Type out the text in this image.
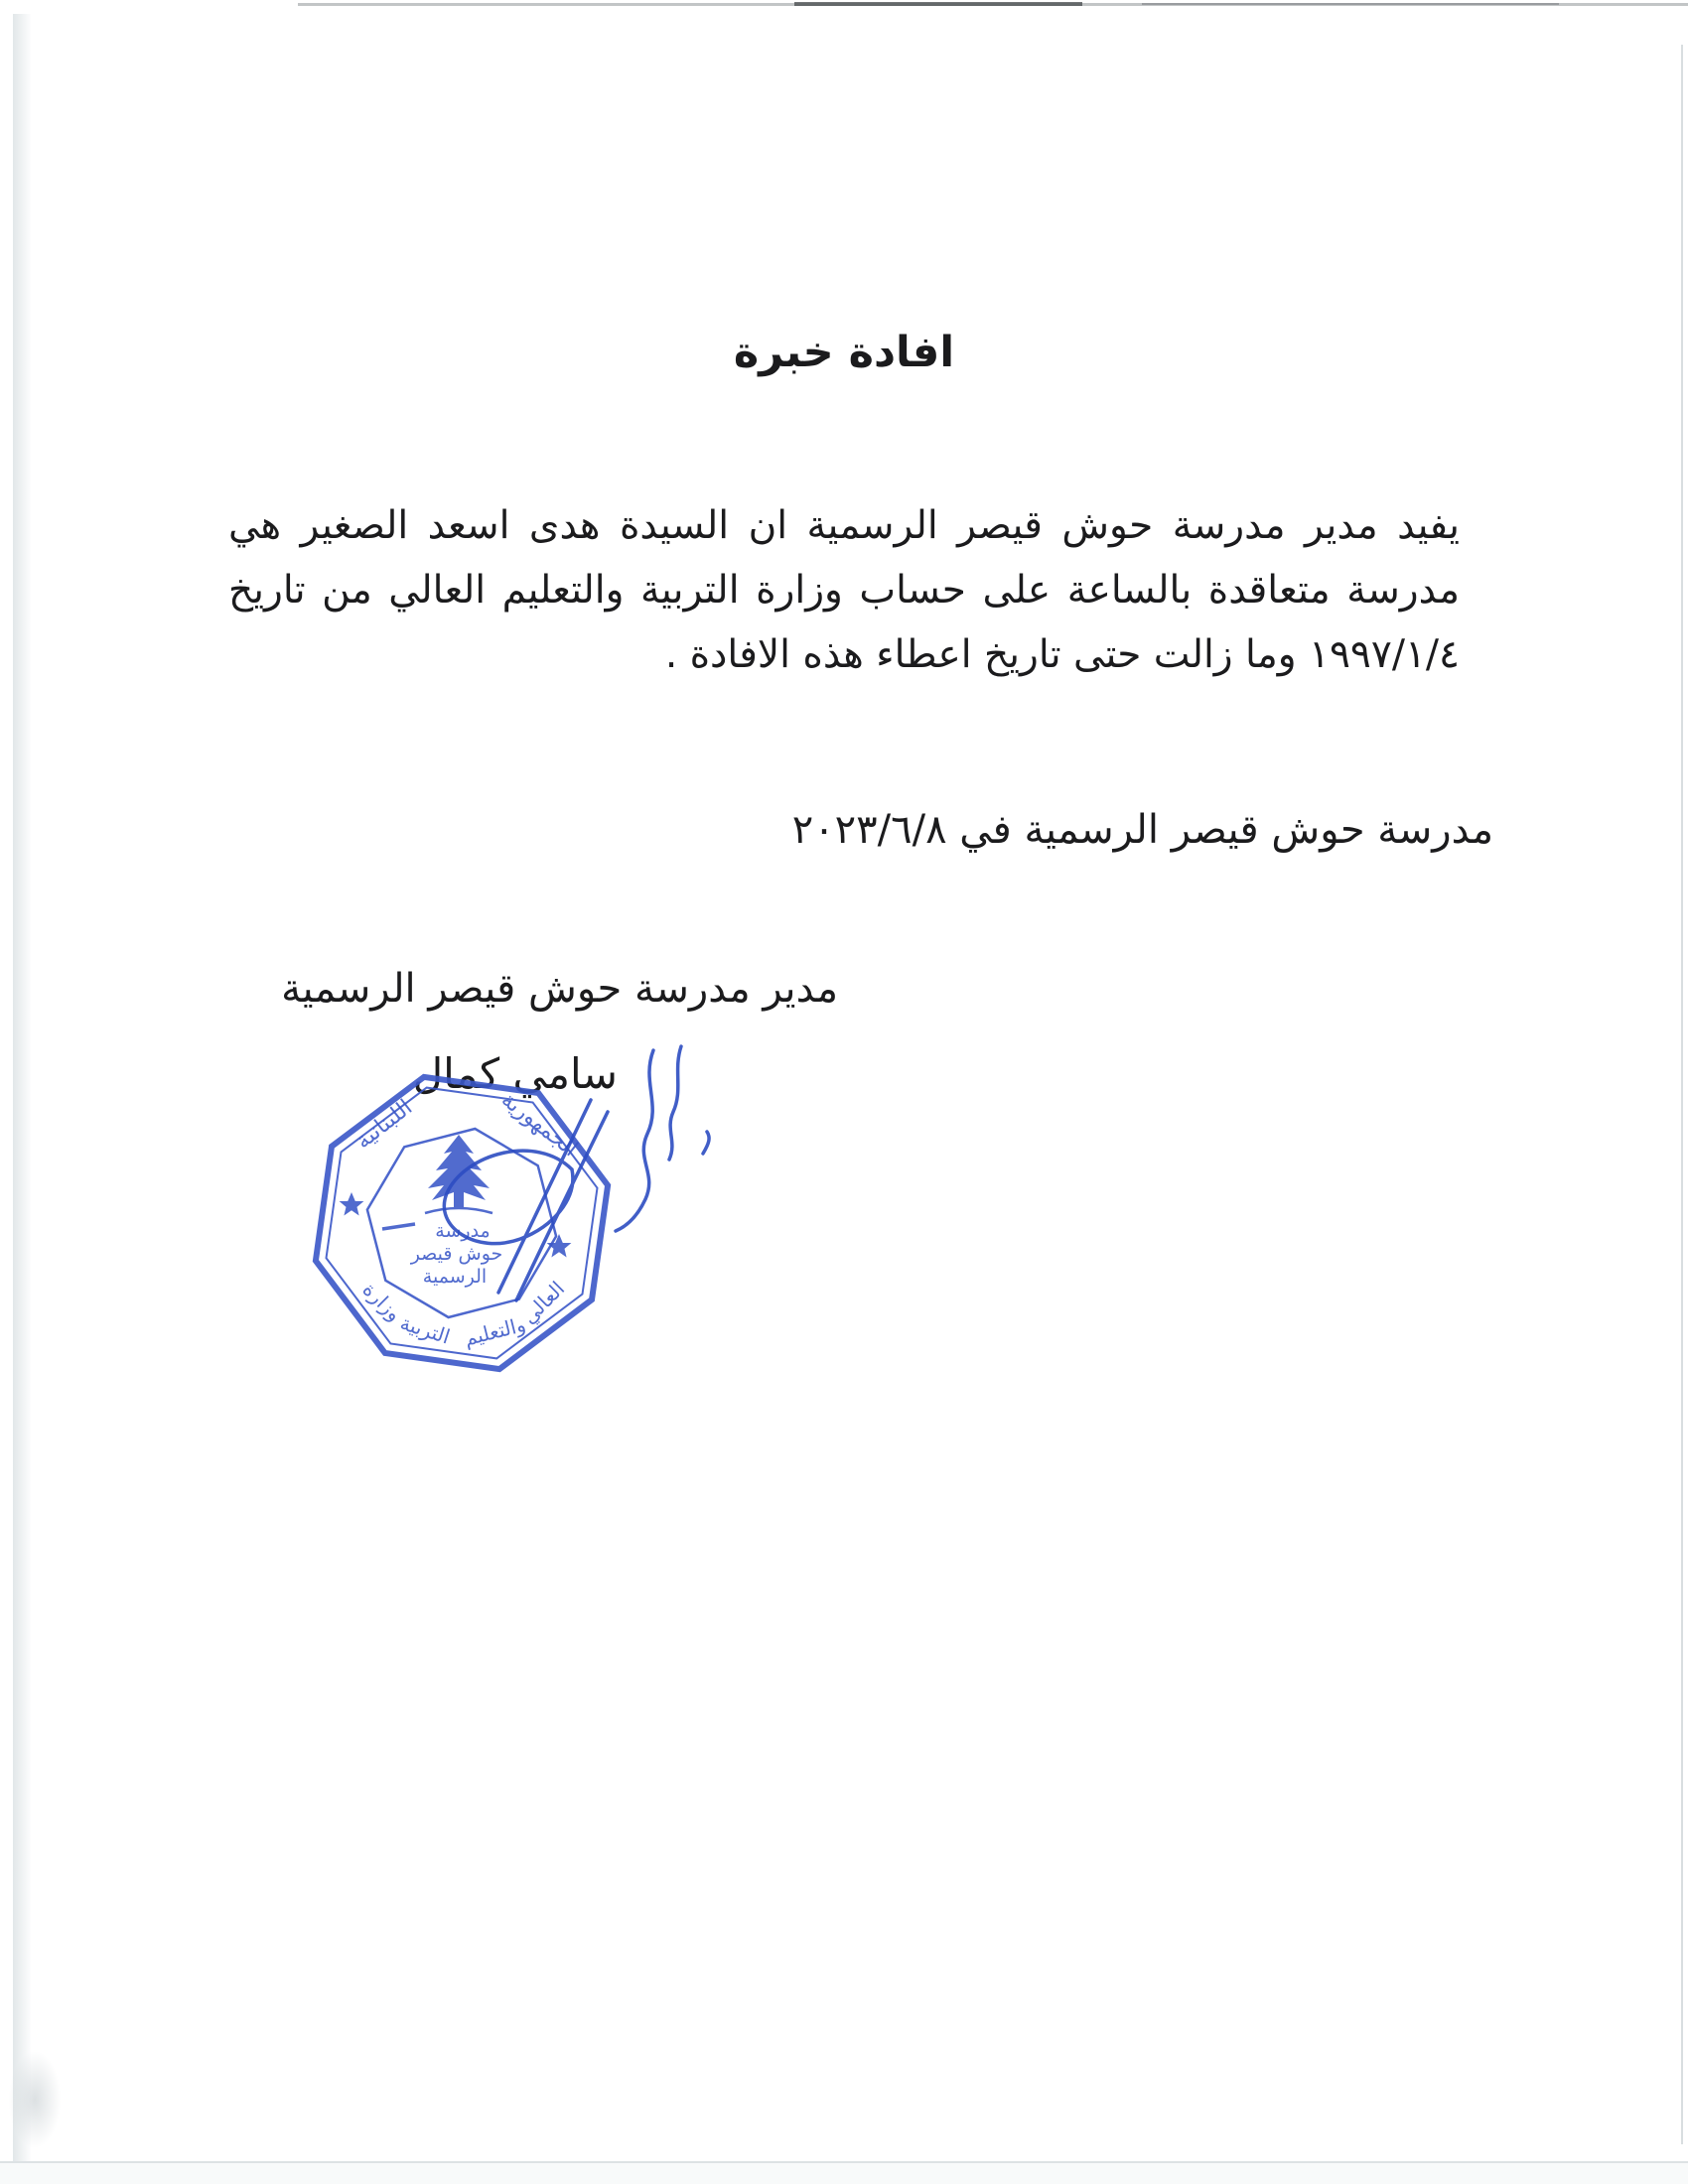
افادة خبرة
يفيد مدير مدرسة حوش قيصر الرسمية ان السيدة هدى اسعد الصغير هي
مدرسة متعاقدة بالساعة على حساب وزارة التربية والتعليم العالي من تاريخ
١٩٩٧/١/٤ وما زالت حتى تاريخ اعطاء هذه الافادة .
مدرسة حوش قيصر الرسمية في ٢٠٢٣/٦/٨
مدير مدرسة حوش قيصر الرسمية
سامي كمال
مدرسة
حوش قيصر
الرسمية
اللبنانية	الجمهورية
وزارة
التربية والتعليم
العالي
